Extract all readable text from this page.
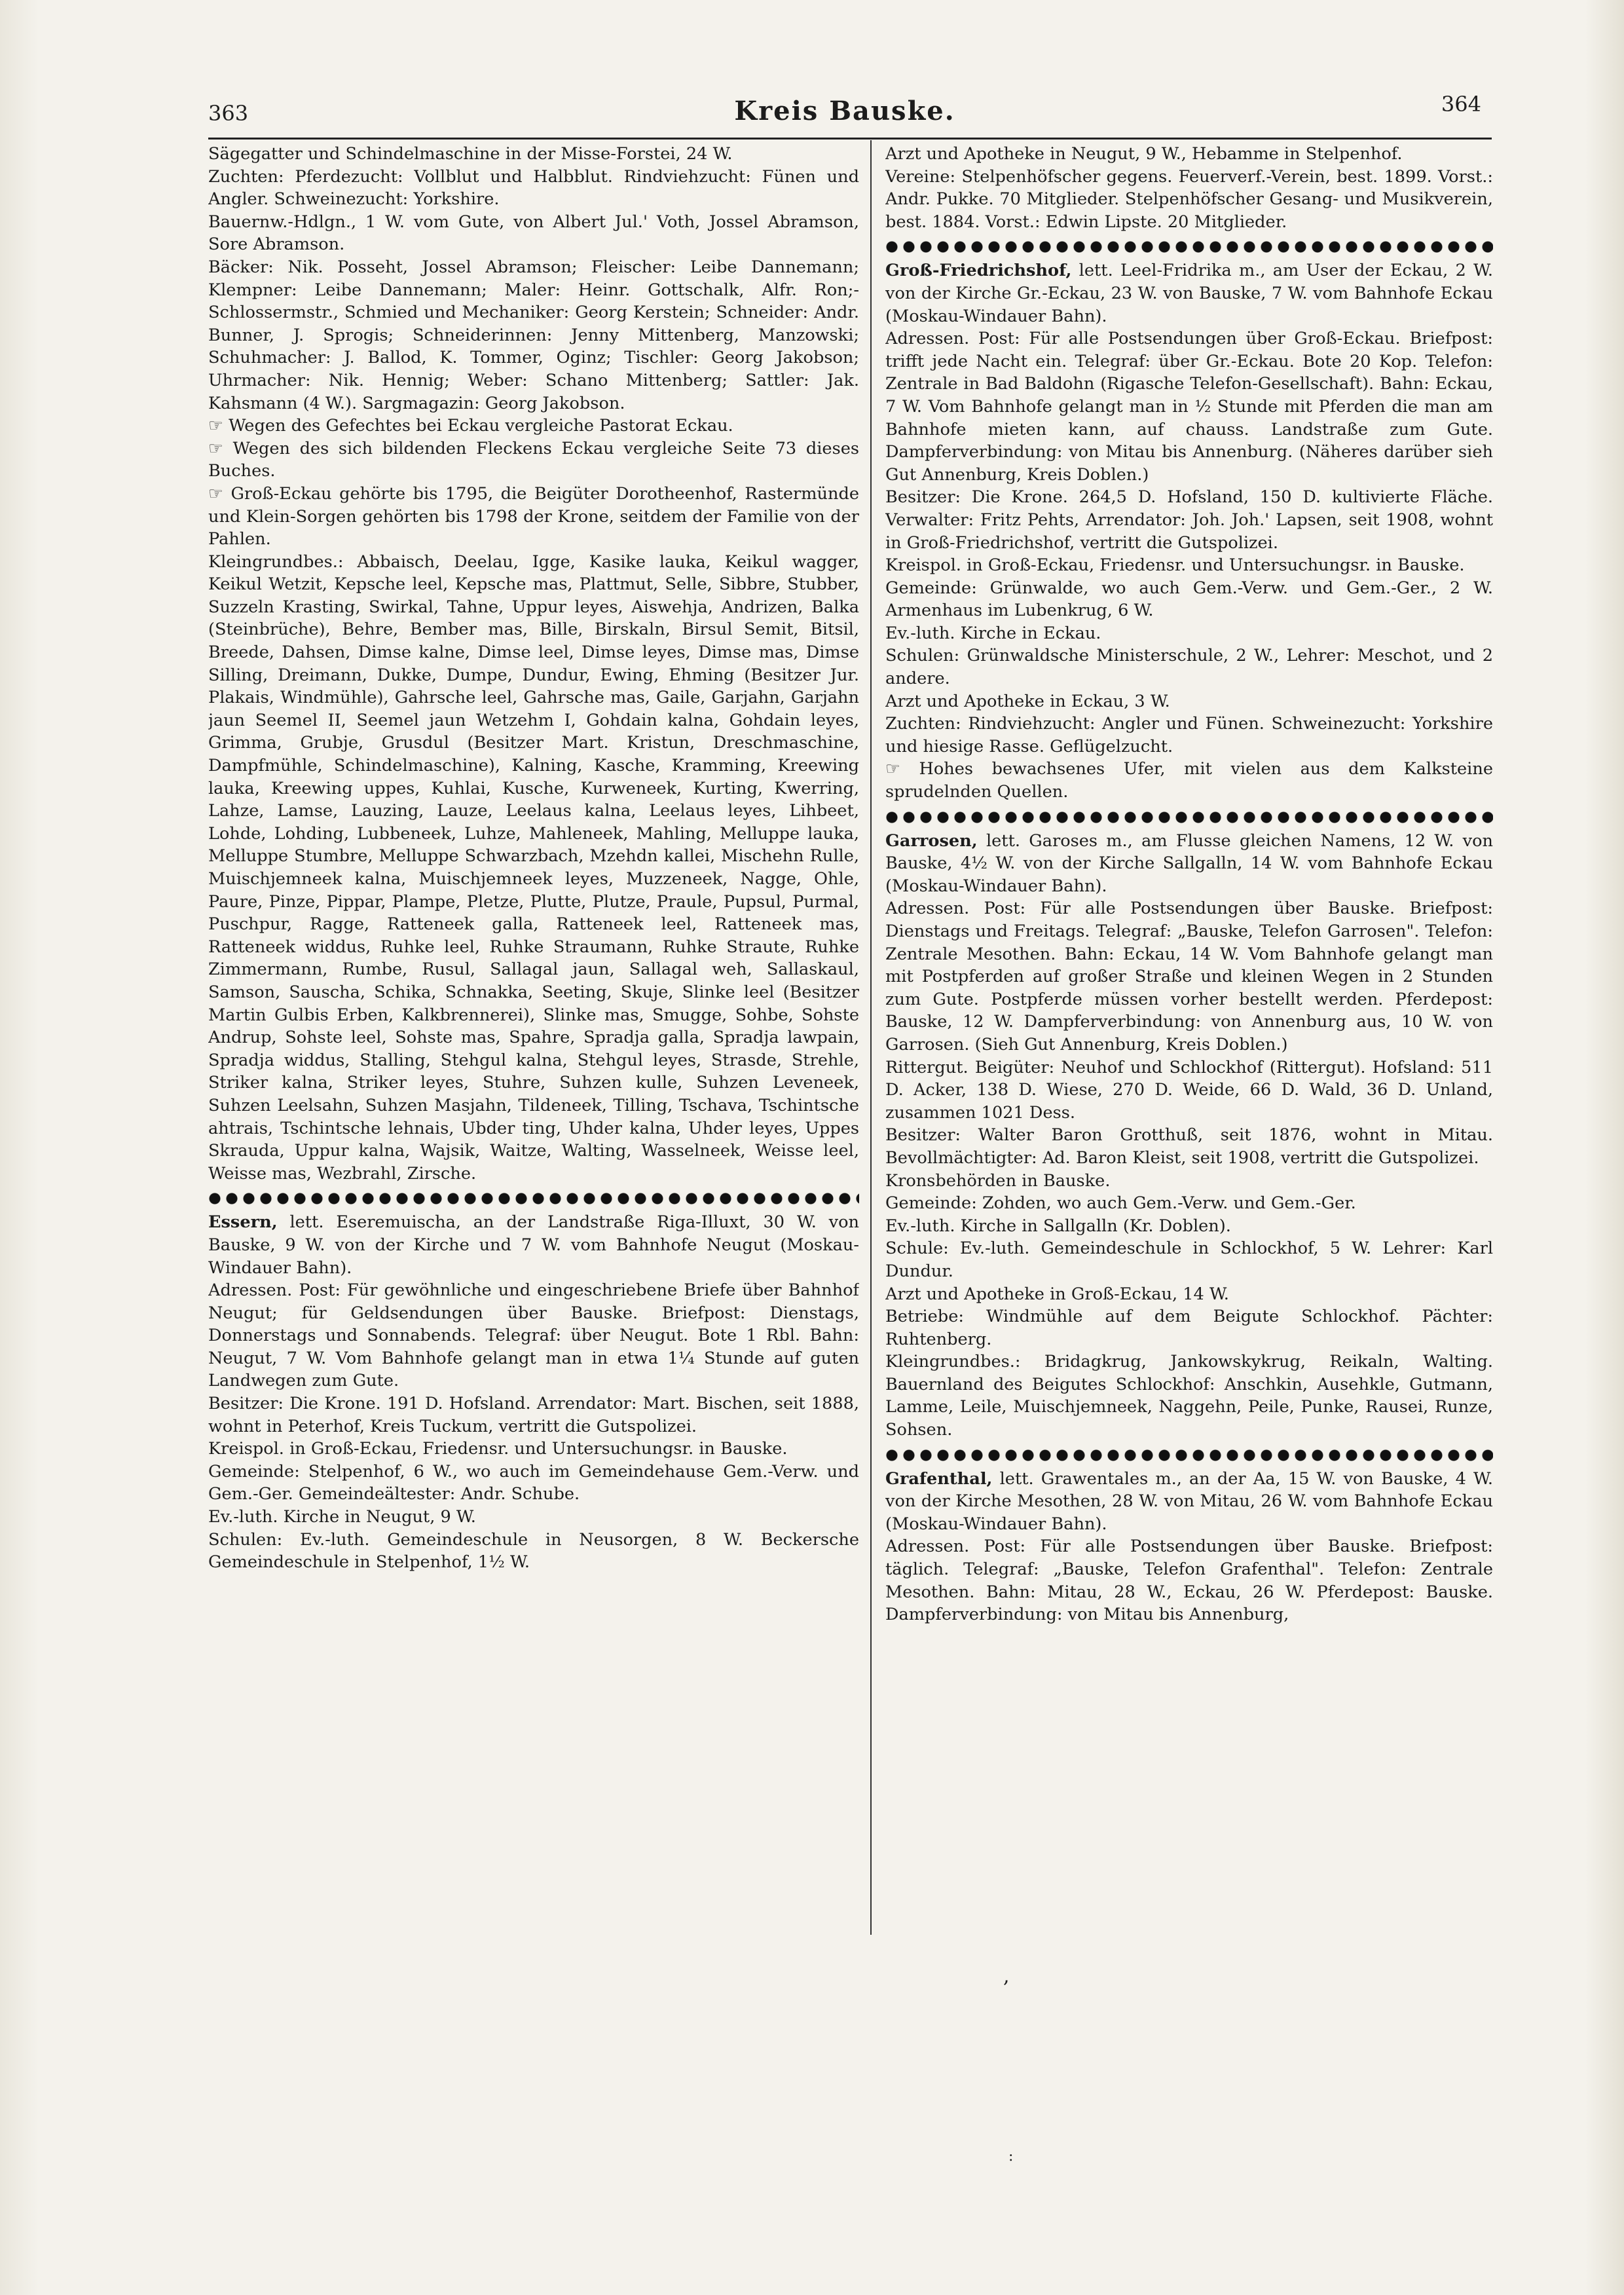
363	Kreis Bauske.	364

Sägegatter und Schindelmaschine in der Misse-Forstei, 24 W.

Zuchten: Pferdezucht: Vollblut und Halbblut. Rindviehzucht: Fünen und Angler. Schweinezucht: Yorkshire.

Bauernw.-Hdlgn., 1 W. vom Gute, von Albert Jul.' Voth, Jossel Abramson, Sore Abramson.

Bäcker: Nik. Posseht, Jossel Abramson; Fleischer: Leibe Dannemann; Klempner: Leibe Dannemann; Maler: Heinr. Gottschalk, Alfr. Ron;- Schlossermstr., Schmied und Mechaniker: Georg Kerstein; Schneider: Andr. Bunner, J. Sprogis; Schneiderinnen: Jenny Mittenberg, Manzowski; Schuhmacher: J. Ballod, K. Tommer, Oginz; Tischler: Georg Jakobson; Uhrmacher: Nik. Hennig; Weber: Schano Mittenberg; Sattler: Jak. Kahsmann (4 W.). Sargmagazin: Georg Jakobson.

☞ Wegen des Gefechtes bei Eckau vergleiche Pastorat Eckau.

☞ Wegen des sich bildenden Fleckens Eckau vergleiche Seite 73 dieses Buches.

☞ Groß-Eckau gehörte bis 1795, die Beigüter Dorotheenhof, Rastermünde und Klein-Sorgen gehörten bis 1798 der Krone, seitdem der Familie von der Pahlen.

Kleingrundbes.: Abbaisch, Deelau, Igge, Kasike lauka, Keikul wagger, Keikul Wetzit, Kepsche leel, Kepsche mas, Plattmut, Selle, Sibbre, Stubber, Suzzeln Krasting, Swirkal, Tahne, Uppur leyes, Aiswehja, Andrizen, Balka (Steinbrüche), Behre, Bember mas, Bille, Birskaln, Birsul Semit, Bitsil, Breede, Dahsen, Dimse kalne, Dimse leel, Dimse leyes, Dimse mas, Dimse Silling, Dreimann, Dukke, Dumpe, Dundur, Ewing, Ehming (Besitzer Jur. Plakais, Windmühle), Gahrsche leel, Gahrsche mas, Gaile, Garjahn, Garjahn jaun Seemel II, Seemel jaun Wetzehm I, Gohdain kalna, Gohdain leyes, Grimma, Grubje, Grusdul (Besitzer Mart. Kristun, Dreschmaschine, Dampfmühle, Schindelmaschine), Kalning, Kasche, Kramming, Kreewing lauka, Kreewing uppes, Kuhlai, Kusche, Kurweneek, Kurting, Kwerring, Lahze, Lamse, Lauzing, Lauze, Leelaus kalna, Leelaus leyes, Lihbeet, Lohde, Lohding, Lubbeneek, Luhze, Mahleneek, Mahling, Melluppe lauka, Melluppe Stumbre, Melluppe Schwarzbach, Mzehdn kallei, Mischehn Rulle, Muischjemneek kalna, Muischjemneek leyes, Muzzeneek, Nagge, Ohle, Paure, Pinze, Pippar, Plampe, Pletze, Plutte, Plutze, Praule, Pupsul, Purmal, Puschpur, Ragge, Ratteneek galla, Ratteneek leel, Ratteneek mas, Ratteneek widdus, Ruhke leel, Ruhke Straumann, Ruhke Straute, Ruhke Zimmermann, Rumbe, Rusul, Sallagal jaun, Sallagal weh, Sallaskaul, Samson, Sauscha, Schika, Schnakka, Seeting, Skuje, Slinke leel (Besitzer Martin Gulbis Erben, Kalkbrennerei), Slinke mas, Smugge, Sohbe, Sohste Andrup, Sohste leel, Sohste mas, Spahre, Spradja galla, Spradja lawpain, Spradja widdus, Stalling, Stehgul kalna, Stehgul leyes, Strasde, Strehle, Striker kalna, Striker leyes, Stuhre, Suhzen kulle, Suhzen Leveneek, Suhzen Leelsahn, Suhzen Masjahn, Tildeneek, Tilling, Tschava, Tschintsche ahtrais, Tschintsche lehnais, Ubder ting, Uhder kalna, Uhder leyes, Uppes Skrauda, Uppur kalna, Wajsik, Waitze, Walting, Wasselneek, Weisse leel, Weisse mas, Wezbrahl, Zirsche.

Essern, lett. Eseremuischa, an der Landstraße Riga-Illuxt, 30 W. von Bauske, 9 W. von der Kirche und 7 W. vom Bahnhofe Neugut (Moskau-Windauer Bahn).

Adressen. Post: Für gewöhnliche und eingeschriebene Briefe über Bahnhof Neugut; für Geldsendungen über Bauske. Briefpost: Dienstags, Donnerstags und Sonnabends. Telegraf: über Neugut. Bote 1 Rbl. Bahn: Neugut, 7 W. Vom Bahnhofe gelangt man in etwa 1¼ Stunde auf guten Landwegen zum Gute.

Besitzer: Die Krone. 191 D. Hofsland. Arrendator: Mart. Bischen, seit 1888, wohnt in Peterhof, Kreis Tuckum, vertritt die Gutspolizei.

Kreispol. in Groß-Eckau, Friedensr. und Untersuchungsr. in Bauske.

Gemeinde: Stelpenhof, 6 W., wo auch im Gemeindehause Gem.-Verw. und Gem.-Ger. Gemeindeältester: Andr. Schube.

Ev.-luth. Kirche in Neugut, 9 W.

Schulen: Ev.-luth. Gemeindeschule in Neusorgen, 8 W. Beckersche Gemeindeschule in Stelpenhof, 1½ W.

Arzt und Apotheke in Neugut, 9 W., Hebamme in Stelpenhof.

Vereine: Stelpenhöfscher gegens. Feuerverf.-Verein, best. 1899. Vorst.: Andr. Pukke. 70 Mitglieder. Stelpenhöfscher Gesang- und Musikverein, best. 1884. Vorst.: Edwin Lipste. 20 Mitglieder.

Groß-Friedrichshof, lett. Leel-Fridrika m., am User der Eckau, 2 W. von der Kirche Gr.-Eckau, 23 W. von Bauske, 7 W. vom Bahnhofe Eckau (Moskau-Windauer Bahn).

Adressen. Post: Für alle Postsendungen über Groß-Eckau. Briefpost: trifft jede Nacht ein. Telegraf: über Gr.-Eckau. Bote 20 Kop. Telefon: Zentrale in Bad Baldohn (Rigasche Telefon-Gesellschaft). Bahn: Eckau, 7 W. Vom Bahnhofe gelangt man in ½ Stunde mit Pferden die man am Bahnhofe mieten kann, auf chauss. Landstraße zum Gute. Dampferverbindung: von Mitau bis Annenburg. (Näheres darüber sieh Gut Annenburg, Kreis Doblen.)

Besitzer: Die Krone. 264,5 D. Hofsland, 150 D. kultivierte Fläche. Verwalter: Fritz Pehts, Arrendator: Joh. Joh.' Lapsen, seit 1908, wohnt in Groß-Friedrichshof, vertritt die Gutspolizei.

Kreispol. in Groß-Eckau, Friedensr. und Untersuchungsr. in Bauske.

Gemeinde: Grünwalde, wo auch Gem.-Verw. und Gem.-Ger., 2 W. Armenhaus im Lubenkrug, 6 W.

Ev.-luth. Kirche in Eckau.

Schulen: Grünwaldsche Ministerschule, 2 W., Lehrer: Meschot, und 2 andere.

Arzt und Apotheke in Eckau, 3 W.

Zuchten: Rindviehzucht: Angler und Fünen. Schweinezucht: Yorkshire und hiesige Rasse. Geflügelzucht.

☞ Hohes bewachsenes Ufer, mit vielen aus dem Kalksteine sprudelnden Quellen.

Garrosen, lett. Garoses m., am Flusse gleichen Namens, 12 W. von Bauske, 4½ W. von der Kirche Sallgalln, 14 W. vom Bahnhofe Eckau (Moskau-Windauer Bahn).

Adressen. Post: Für alle Postsendungen über Bauske. Briefpost: Dienstags und Freitags. Telegraf: „Bauske, Telefon Garrosen". Telefon: Zentrale Mesothen. Bahn: Eckau, 14 W. Vom Bahnhofe gelangt man mit Postpferden auf großer Straße und kleinen Wegen in 2 Stunden zum Gute. Postpferde müssen vorher bestellt werden. Pferdepost: Bauske, 12 W. Dampferverbindung: von Annenburg aus, 10 W. von Garrosen. (Sieh Gut Annenburg, Kreis Doblen.)

Rittergut. Beigüter: Neuhof und Schlockhof (Rittergut). Hofsland: 511 D. Acker, 138 D. Wiese, 270 D. Weide, 66 D. Wald, 36 D. Unland, zusammen 1021 Dess.

Besitzer: Walter Baron Grotthuß, seit 1876, wohnt in Mitau. Bevollmächtigter: Ad. Baron Kleist, seit 1908, vertritt die Gutspolizei.

Kronsbehörden in Bauske.

Gemeinde: Zohden, wo auch Gem.-Verw. und Gem.-Ger.

Ev.-luth. Kirche in Sallgalln (Kr. Doblen).

Schule: Ev.-luth. Gemeindeschule in Schlockhof, 5 W. Lehrer: Karl Dundur.

Arzt und Apotheke in Groß-Eckau, 14 W.

Betriebe: Windmühle auf dem Beigute Schlockhof. Pächter: Ruhtenberg.

Kleingrundbes.: Bridagkrug, Jankowskykrug, Reikaln, Walting. Bauernland des Beigutes Schlockhof: Anschkin, Ausehkle, Gutmann, Lamme, Leile, Muischjemneek, Naggehn, Peile, Punke, Rausei, Runze, Sohsen.

Grafenthal, lett. Grawentales m., an der Aa, 15 W. von Bauske, 4 W. von der Kirche Mesothen, 28 W. von Mitau, 26 W. vom Bahnhofe Eckau (Moskau-Windauer Bahn).

Adressen. Post: Für alle Postsendungen über Bauske. Briefpost: täglich. Telegraf: „Bauske, Telefon Grafenthal". Telefon: Zentrale Mesothen. Bahn: Mitau, 28 W., Eckau, 26 W. Pferdepost: Bauske. Dampferverbindung: von Mitau bis Annenburg,

,
:
